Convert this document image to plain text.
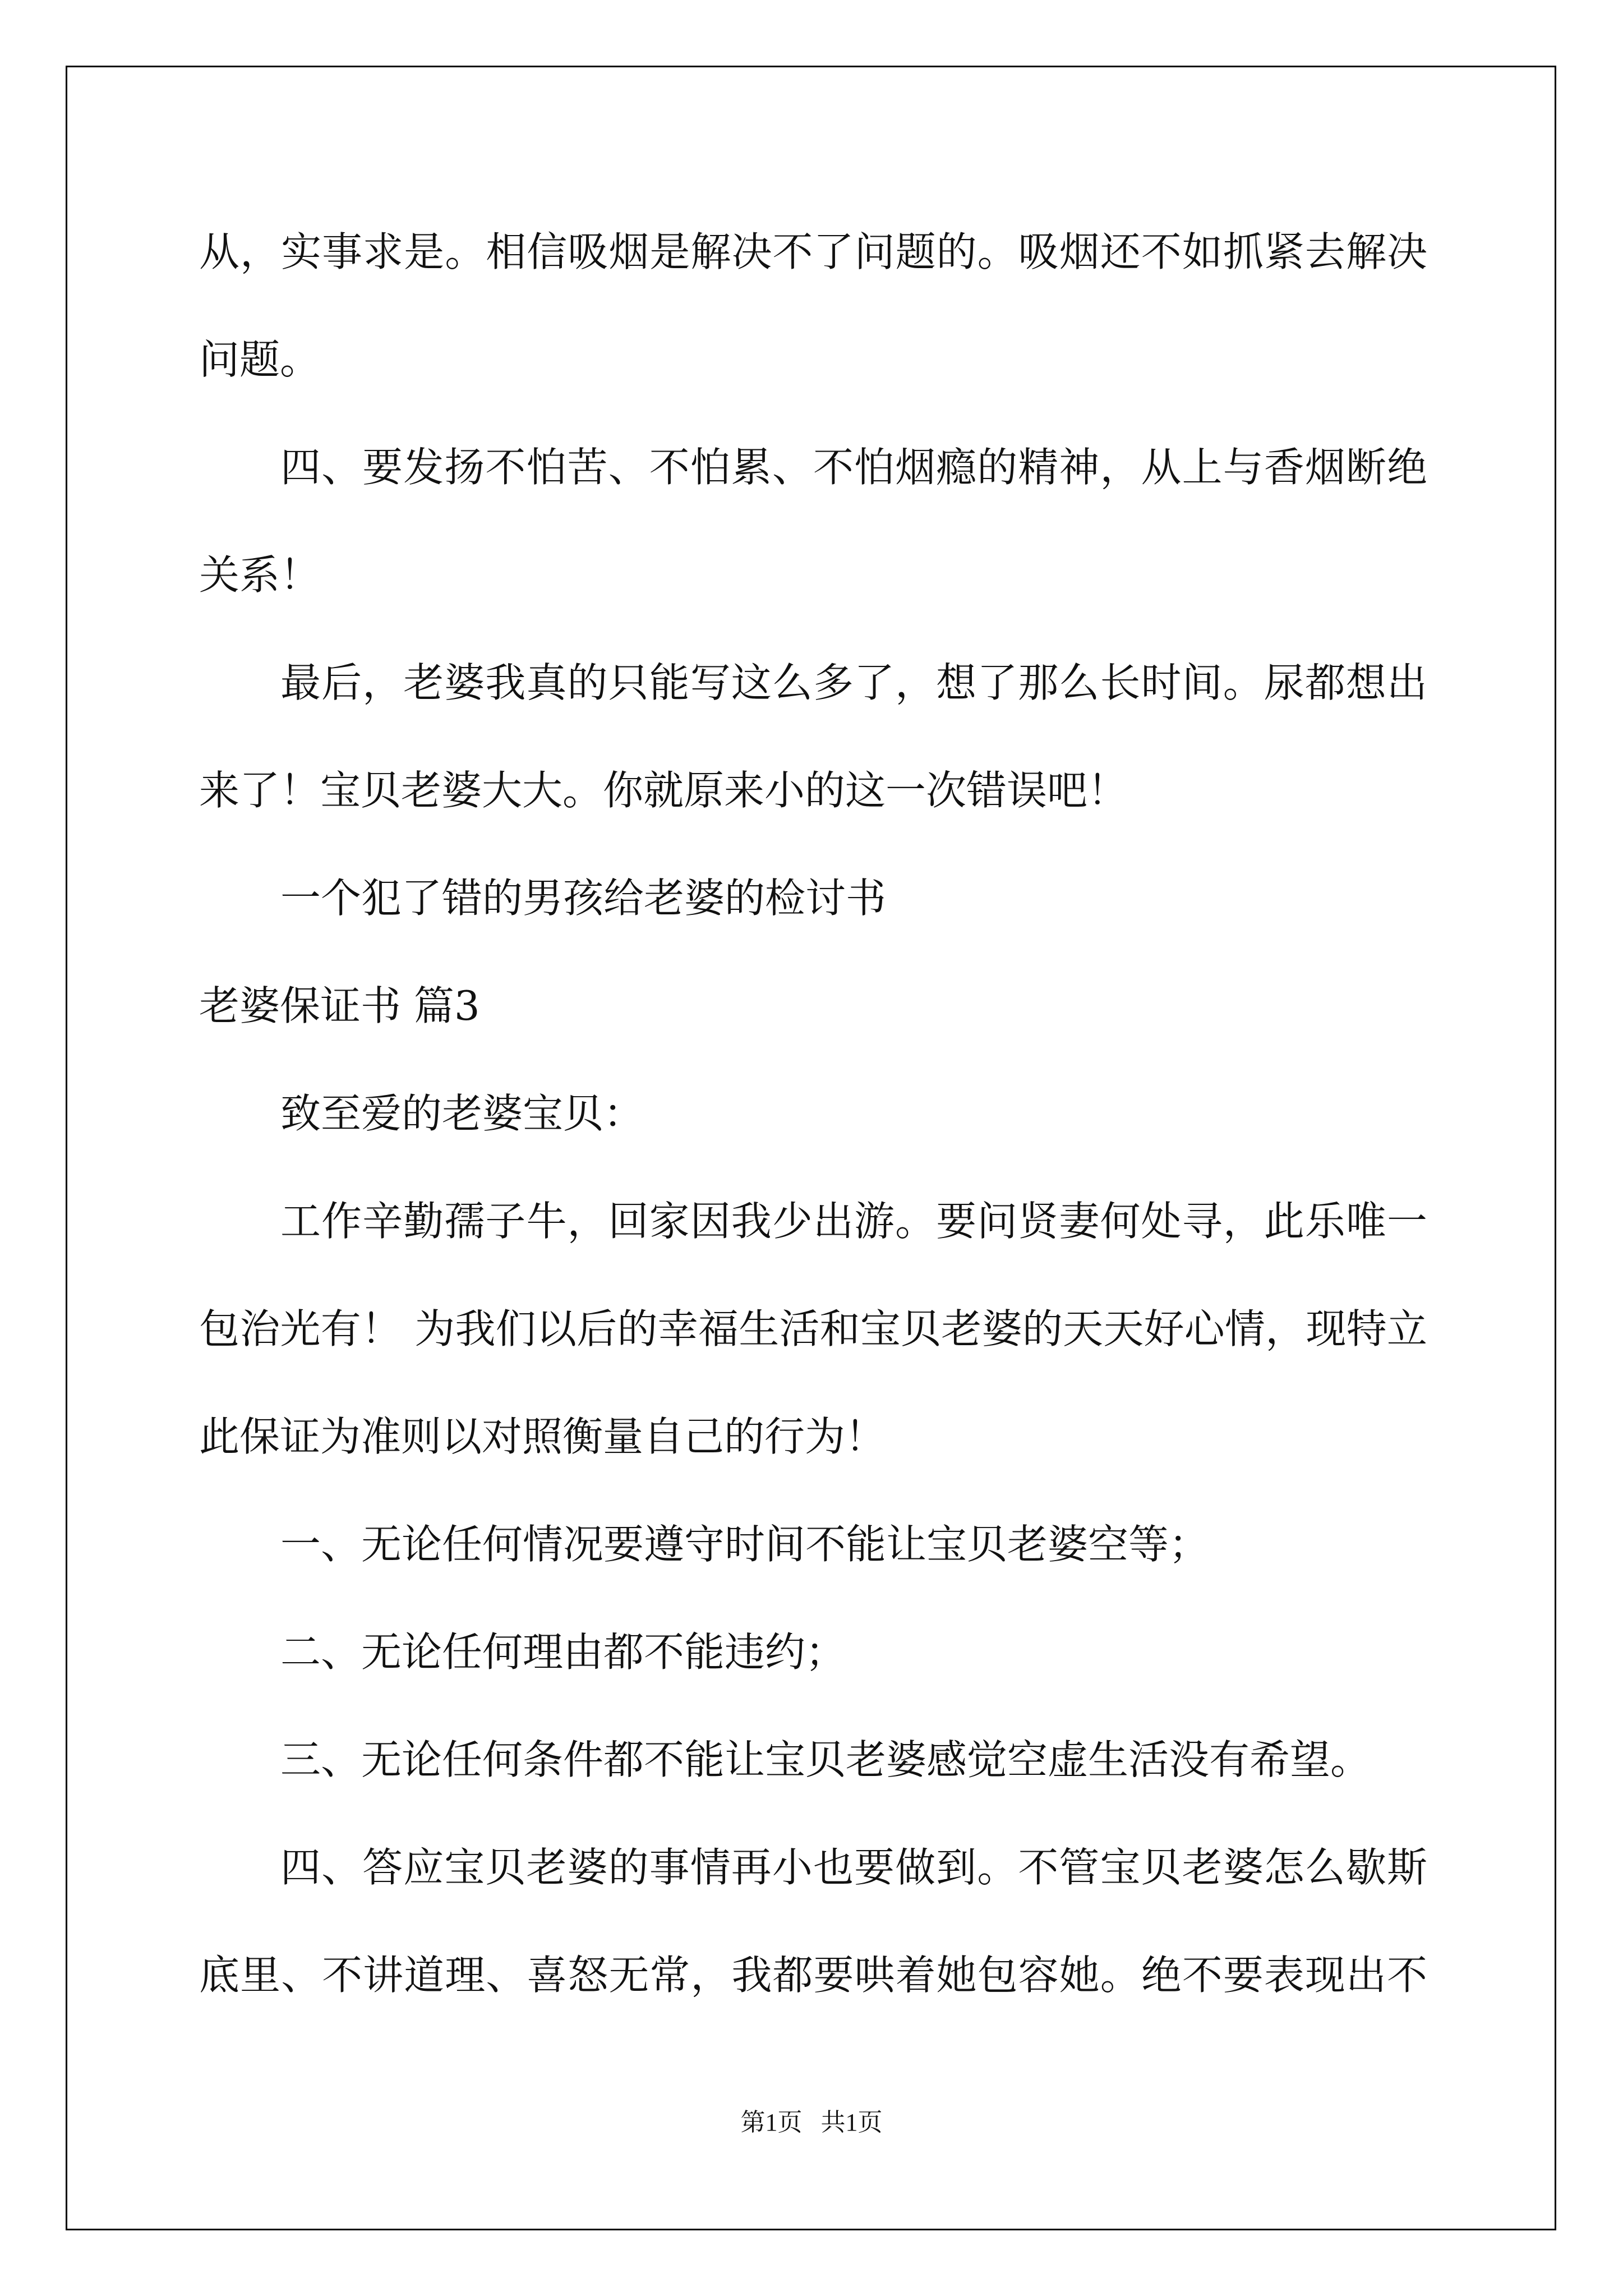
从，实事求是。相信吸烟是解决不了问题的。吸烟还不如抓紧去解决
问题。
四、要发扬不怕苦、不怕累、不怕烟瘾的精神，从上与香烟断绝
关系！
最后，老婆我真的只能写这么多了，想了那么长时间。尿都想出
来了！宝贝老婆大大。你就原来小的这一次错误吧！
一个犯了错的男孩给老婆的检讨书
老婆保证书 篇3
致至爱的老婆宝贝：
工作辛勤孺子牛，回家因我少出游。要问贤妻何处寻，此乐唯一
包治光有！ 为我们以后的幸福生活和宝贝老婆的天天好心情，现特立
此保证为准则以对照衡量自己的行为！
一、无论任何情况要遵守时间不能让宝贝老婆空等；
二、无论任何理由都不能违约；
三、无论任何条件都不能让宝贝老婆感觉空虚生活没有希望。
四、答应宝贝老婆的事情再小也要做到。不管宝贝老婆怎么歇斯
底里、不讲道理、喜怒无常，我都要哄着她包容她。绝不要表现出不
第1页   共1页
